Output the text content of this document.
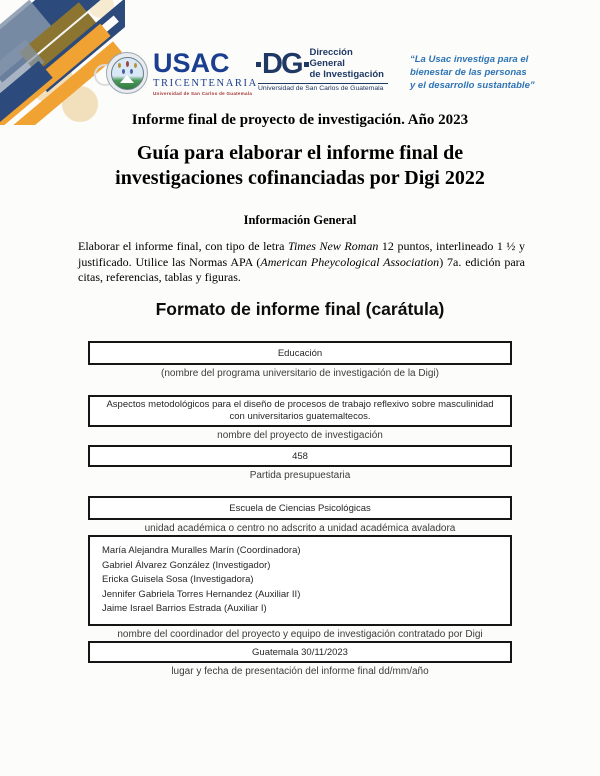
USAC
TRICENTENARIA
Universidad de San Carlos de Guatemala
DG Dirección General
de Investigación
Universidad de San Carlos de Guatemala
“La Usac investiga para el
bienestar de las personas
y el desarrollo sustantable”
Informe final de proyecto de investigación. Año 2023
Guía para elaborar el informe final de
investigaciones cofinanciadas por Digi 2022
Información General

Elaborar el informe final, con tipo de letra Times New Roman 12 puntos, interlineado 1 ½ y justificado. Utilice las Normas APA (American Pheycological Association) 7a. edición para citas, referencias, tablas y figuras.

Formato de informe final (carátula)
Educación
(nombre del programa universitario de investigación de la Digi)
Aspectos metodológicos para el diseño de procesos de trabajo reflexivo sobre masculinidad con universitarios guatemaltecos.
nombre del proyecto de investigación
458
Partida presupuestaria
Escuela de Ciencias Psicológicas
unidad académica o centro no adscrito a unidad académica avaladora
María Alejandra Muralles Marín (Coordinadora)
Gabriel Álvarez González (Investigador)
Ericka Guisela Sosa (Investigadora)
Jennifer Gabriela Torres Hernandez (Auxiliar II)
Jaime Israel Barrios Estrada (Auxiliar I)
nombre del coordinador del proyecto y equipo de investigación contratado por Digi
Guatemala 30/11/2023
lugar y fecha de presentación del informe final dd/mm/año
